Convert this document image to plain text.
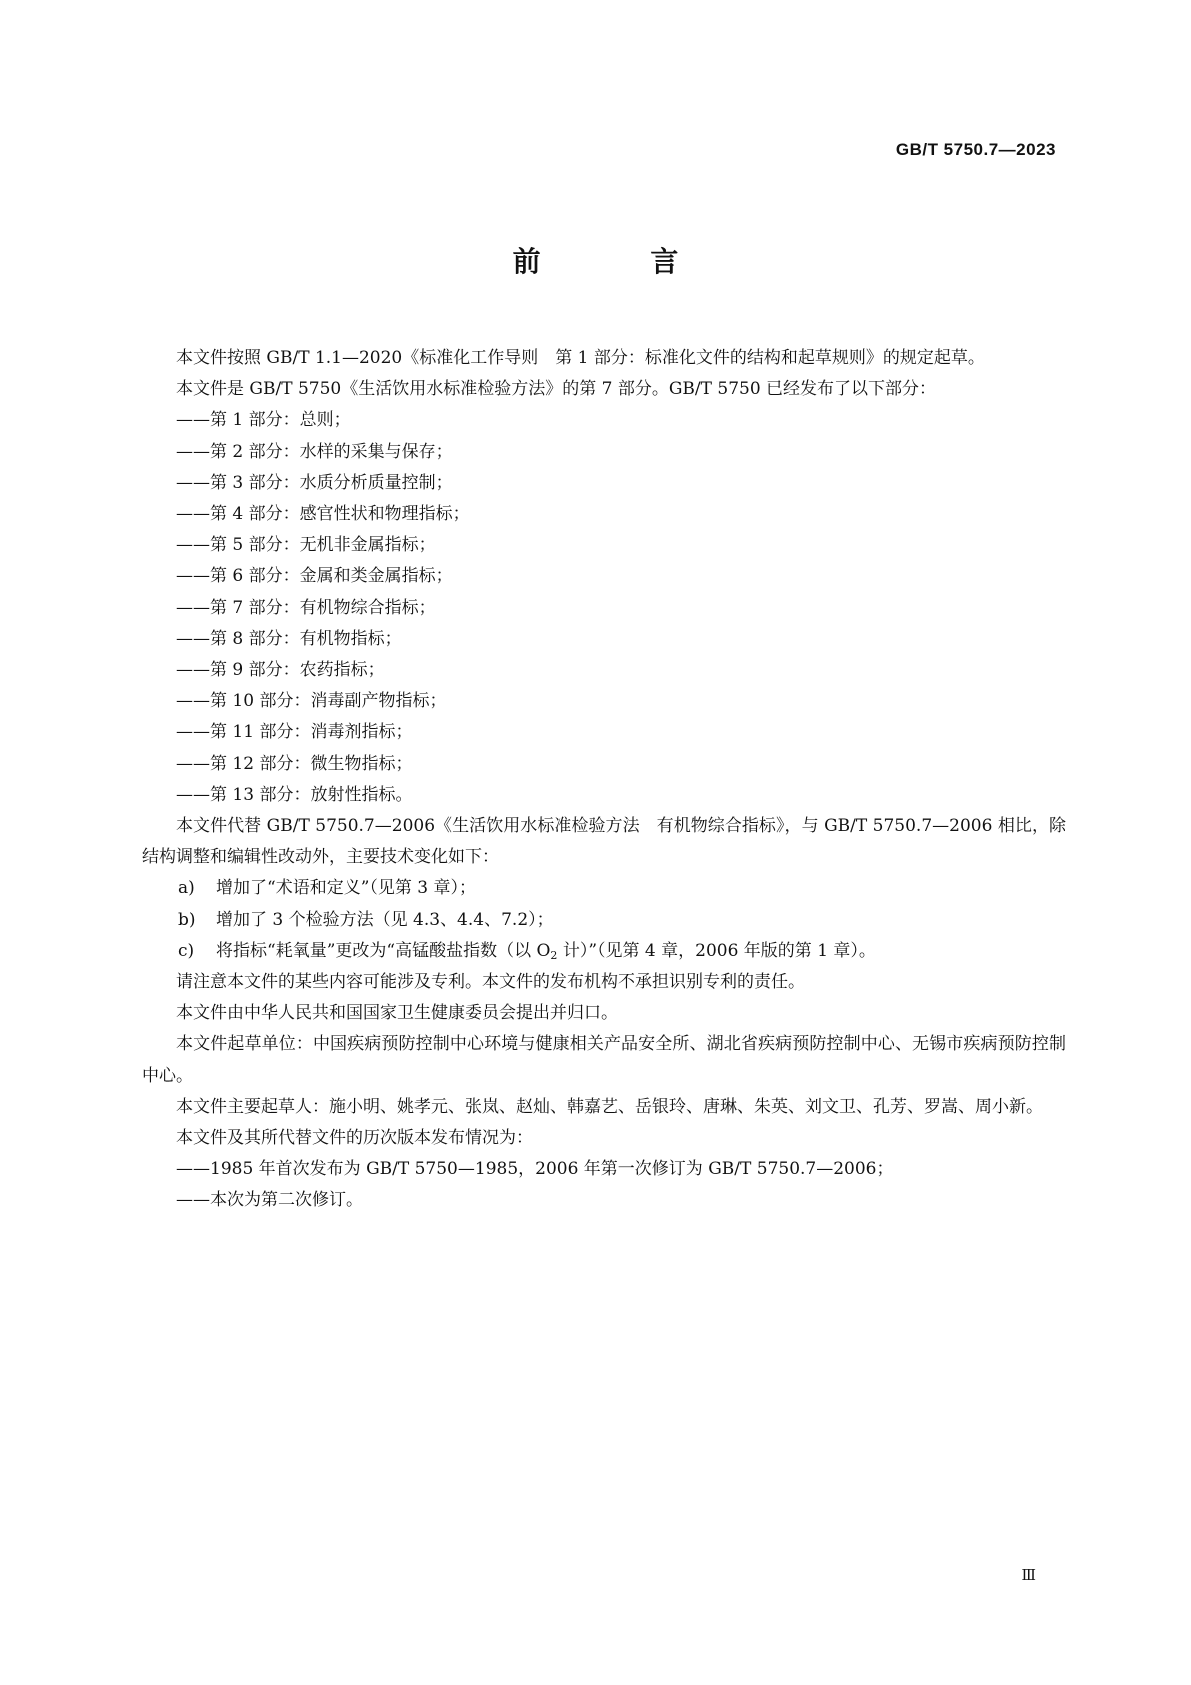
GB/T 5750.7—2023
前 言
本文件按照 GB/T 1.1—2020《标准化工作导则　第 1 部分：标准化文件的结构和起草规则》的规定起草。
本文件是 GB/T 5750《生活饮用水标准检验方法》的第 7 部分。GB/T 5750 已经发布了以下部分：
——第 1 部分：总则；
——第 2 部分：水样的采集与保存；
——第 3 部分：水质分析质量控制；
——第 4 部分：感官性状和物理指标；
——第 5 部分：无机非金属指标；
——第 6 部分：金属和类金属指标；
——第 7 部分：有机物综合指标；
——第 8 部分：有机物指标；
——第 9 部分：农药指标；
——第 10 部分：消毒副产物指标；
——第 11 部分：消毒剂指标；
——第 12 部分：微生物指标；
——第 13 部分：放射性指标。
本文件代替 GB/T 5750.7—2006《生活饮用水标准检验方法　有机物综合指标》，与 GB/T 5750.7—2006 相比，除结构调整和编辑性改动外，主要技术变化如下：
a) 增加了“术语和定义”（见第 3 章）；
b) 增加了 3 个检验方法（见 4.3、4.4、7.2）；
c) 将指标“耗氧量”更改为“高锰酸盐指数（以 $O_2$ 计）”（见第 4 章，2006 年版的第 1 章）。
请注意本文件的某些内容可能涉及专利。本文件的发布机构不承担识别专利的责任。
本文件由中华人民共和国国家卫生健康委员会提出并归口。
本文件起草单位：中国疾病预防控制中心环境与健康相关产品安全所、湖北省疾病预防控制中心、无锡市疾病预防控制中心。
本文件主要起草人：施小明、姚孝元、张岚、赵灿、韩嘉艺、岳银玲、唐琳、朱英、刘文卫、孔芳、罗嵩、周小新。
本文件及其所代替文件的历次版本发布情况为：
——1985 年首次发布为 GB/T 5750—1985，2006 年第一次修订为 GB/T 5750.7—2006；
——本次为第二次修订。
Ⅲ
